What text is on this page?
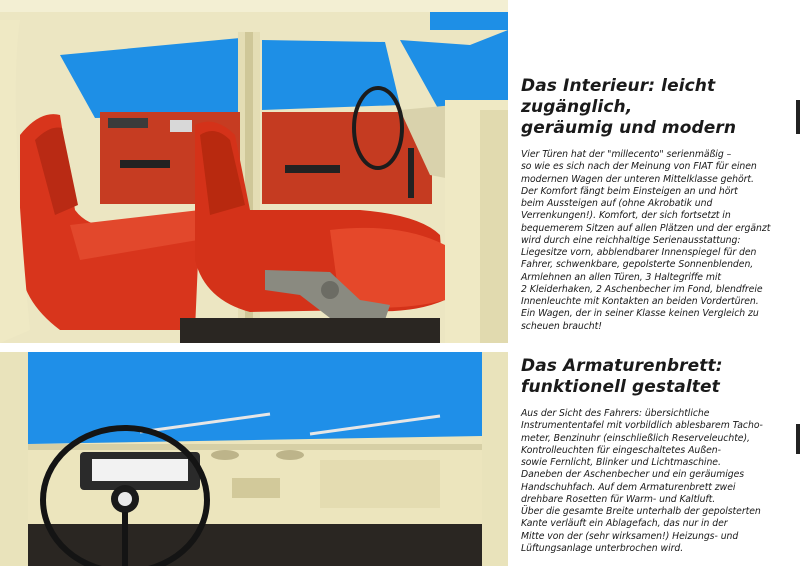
Das Interieur: leicht
zugänglich,
geräumig und modern

Vier Türen hat der "millecento" serienmäßig –
so wie es sich nach der Meinung von FIAT für einen
modernen Wagen der unteren Mittelklasse gehört.
Der Komfort fängt beim Einsteigen an und hört
beim Aussteigen auf (ohne Akrobatik und
Verrenkungen!). Komfort, der sich fortsetzt in
bequemerem Sitzen auf allen Plätzen und der ergänzt
wird durch eine reichhaltige Serienausstattung:
Liegesitze vorn, abblendbarer Innenspiegel für den
Fahrer, schwenkbare, gepolsterte Sonnenblenden,
Armlehnen an allen Türen, 3 Haltegriffe mit
2 Kleiderhaken, 2 Aschenbecher im Fond, blendfreie
Innenleuchte mit Kontakten an beiden Vordertüren.
Ein Wagen, der in seiner Klasse keinen Vergleich zu
scheuen braucht!

Das Armaturenbrett:
funktionell gestaltet

Aus der Sicht des Fahrers: übersichtliche
Instrumententafel mit vorbildlich ablesbarem Tacho-
meter, Benzinuhr (einschließlich Reserveleuchte),
Kontrolleuchten für eingeschaltetes Außen-
sowie Fernlicht, Blinker und Lichtmaschine.
Daneben der Aschenbecher und ein geräumiges
Handschuhfach. Auf dem Armaturenbrett zwei
drehbare Rosetten für Warm- und Kaltluft.
Über die gesamte Breite unterhalb der gepolsterten
Kante verläuft ein Ablagefach, das nur in der
Mitte von der (sehr wirksamen!) Heizungs- und
Lüftungsanlage unterbrochen wird.
